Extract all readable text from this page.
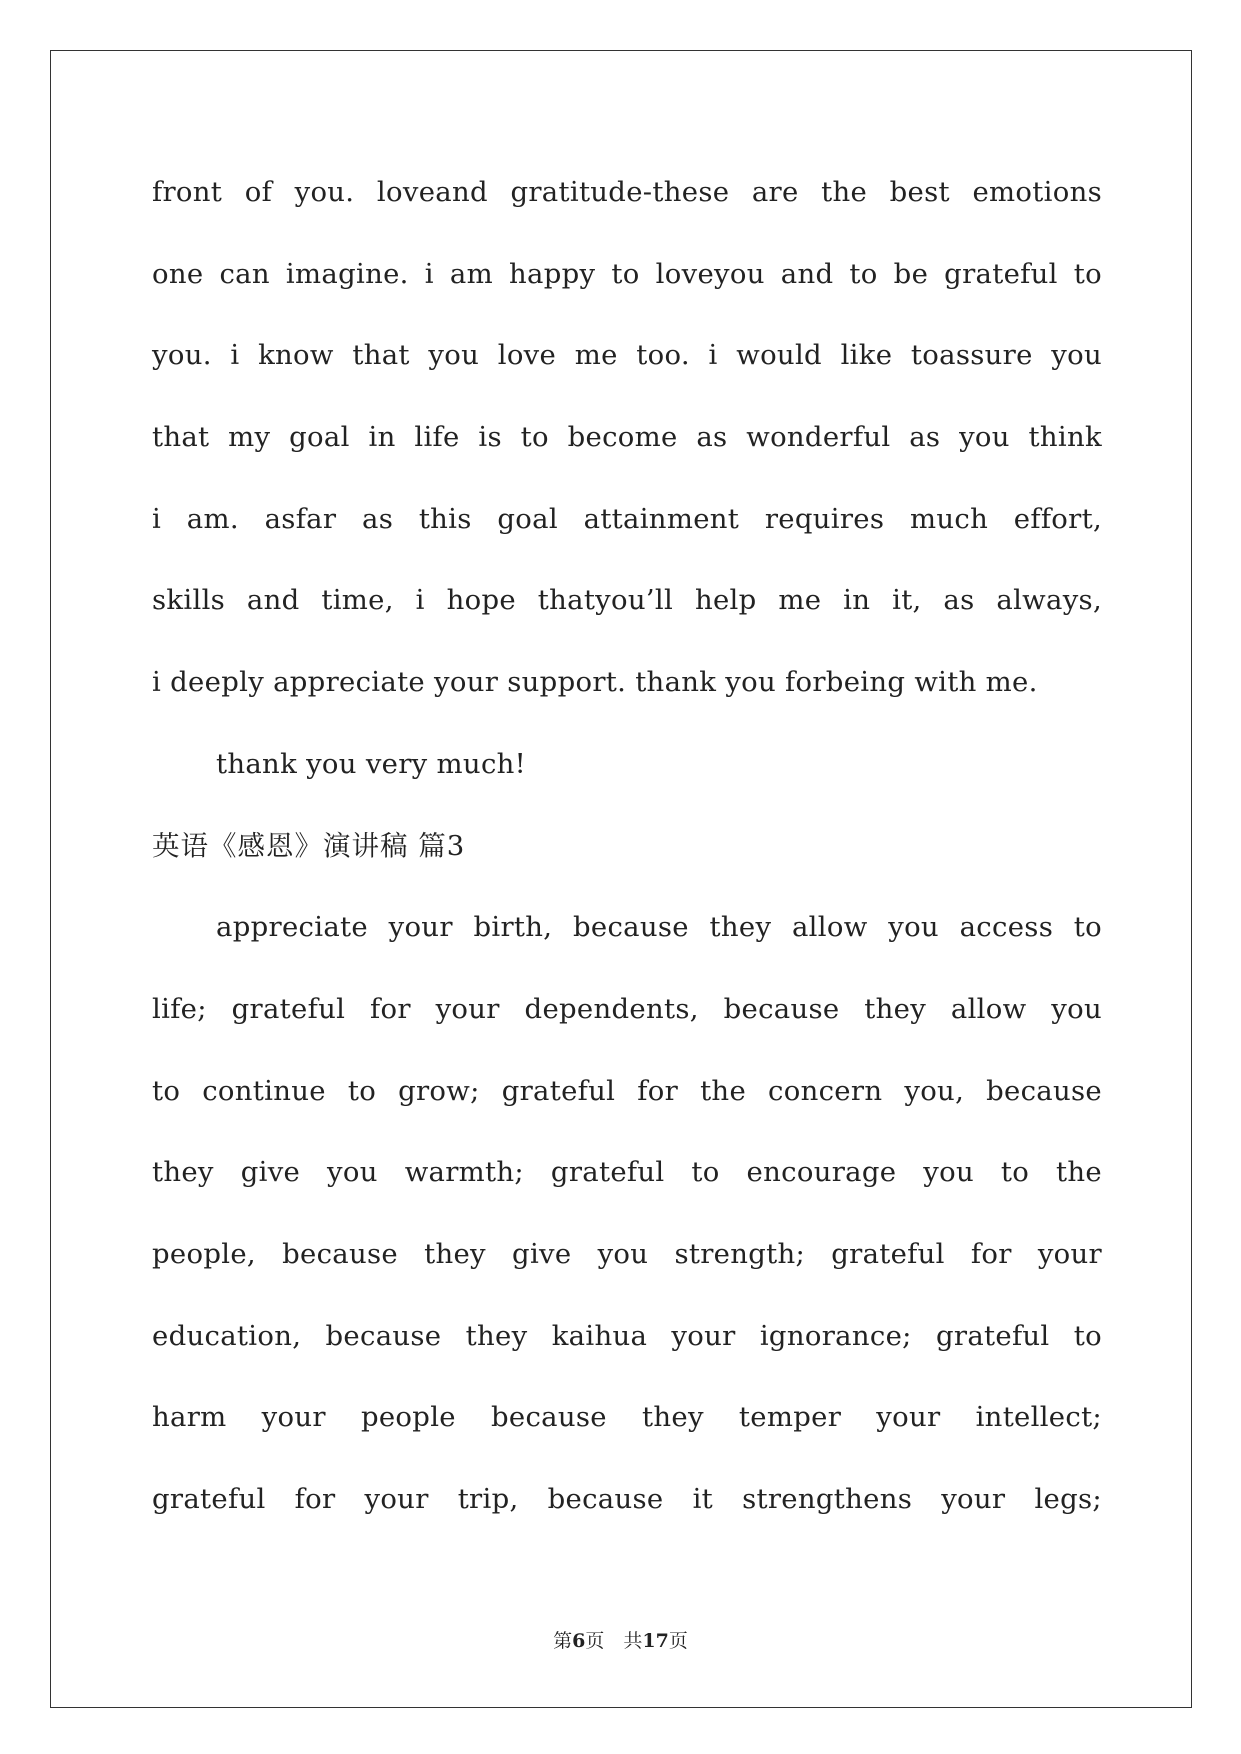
front of you. loveand gratitude-these are the best emotions
one can imagine. i am happy to loveyou and to be grateful to
you. i know that you love me too. i would like toassure you
that my goal in life is to become as wonderful as you think
i am. asfar as this goal attainment requires much effort,
skills and time, i hope thatyou’ll help me in it, as always,
i deeply appreciate your support. thank you forbeing with me.
thank you very much!
英语《感恩》演讲稿 篇3
appreciate your birth, because they allow you access to
life; grateful for your dependents, because they allow you
to continue to grow; grateful for the concern you, because
they give you warmth; grateful to encourage you to the
people, because they give you strength; grateful for your
education, because they kaihua your ignorance; grateful to
harm your people because they temper your intellect;
grateful for your trip, because it strengthens your legs;
第6页　共17页
